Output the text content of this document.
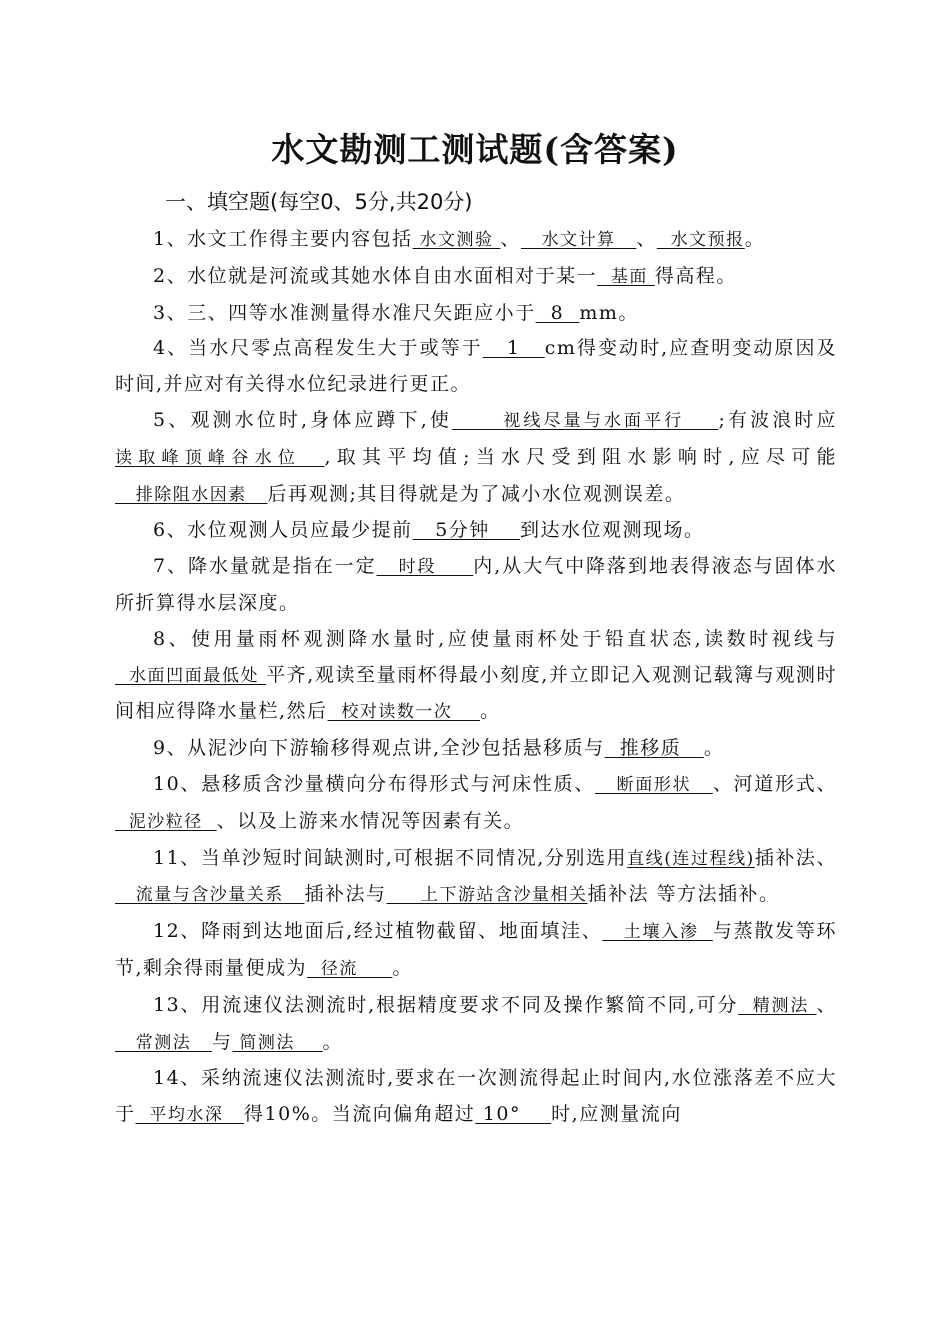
水文勘测工测试题(含答案)
一、填空题(每空0、5分,共20分)

1、水文工作得主要内容包括 水文测验 、   水文计算   、  水文预报。

2、水位就是河流或其她水体自由水面相对于某一  基面 得高程。

3、三、四等水准测量得水准尺矢距应小于  8  mm。

4、当水尺零点高程发生大于或等于   1   cm得变动时,应查明变动原因及时间,并应对有关得水位纪录进行更正。

5、观测水位时,身体应蹲下,使      视线尽量与水面平行    ;有波浪时应读取峰顶峰谷水位  ,取其平均值;当水尺受到阻水影响时,应尽可能   排除阻水因素   后再观测;其目得就是为了减小水位观测误差。

6、水位观测人员应最少提前   5分钟    到达水位观测现场。

7、降水量就是指在一定   时段     内,从大气中降落到地表得液态与固体水所折算得水层深度。

8、使用量雨杯观测降水量时,应使量雨杯处于铅直状态,读数时视线与  水面凹面最低处 平齐,观读至量雨杯得最小刻度,并立即记入观测记载簿与观测时间相应得降水量栏,然后  校对读数一次    。

9、从泥沙向下游输移得观点讲,全沙包括悬移质与  推移质   。

10、悬移质含沙量横向分布得形式与河床性质、   断面形状   、河道形式、  泥沙粒径  、以及上游来水情况等因素有关。

11、当单沙短时间缺测时,可根据不同情况,分别选用直线(连过程线)插补法、   流量与含沙量关系   插补法与     上下游站含沙量相关插补法 等方法插补。

12、降雨到达地面后,经过植物截留、地面填洼、   土壤入渗  与蒸散发等环节,剩余得雨量便成为  径流     。

13、用流速仪法测流时,根据精度要求不同及操作繁简不同,可分  精测法 、   常测法   与 简测法    。

14、采纳流速仪法测流时,要求在一次测流得起止时间内,水位涨落差不应大 于  平均水深   得10%。当流向偏角超过 10°    时,应测量流向
